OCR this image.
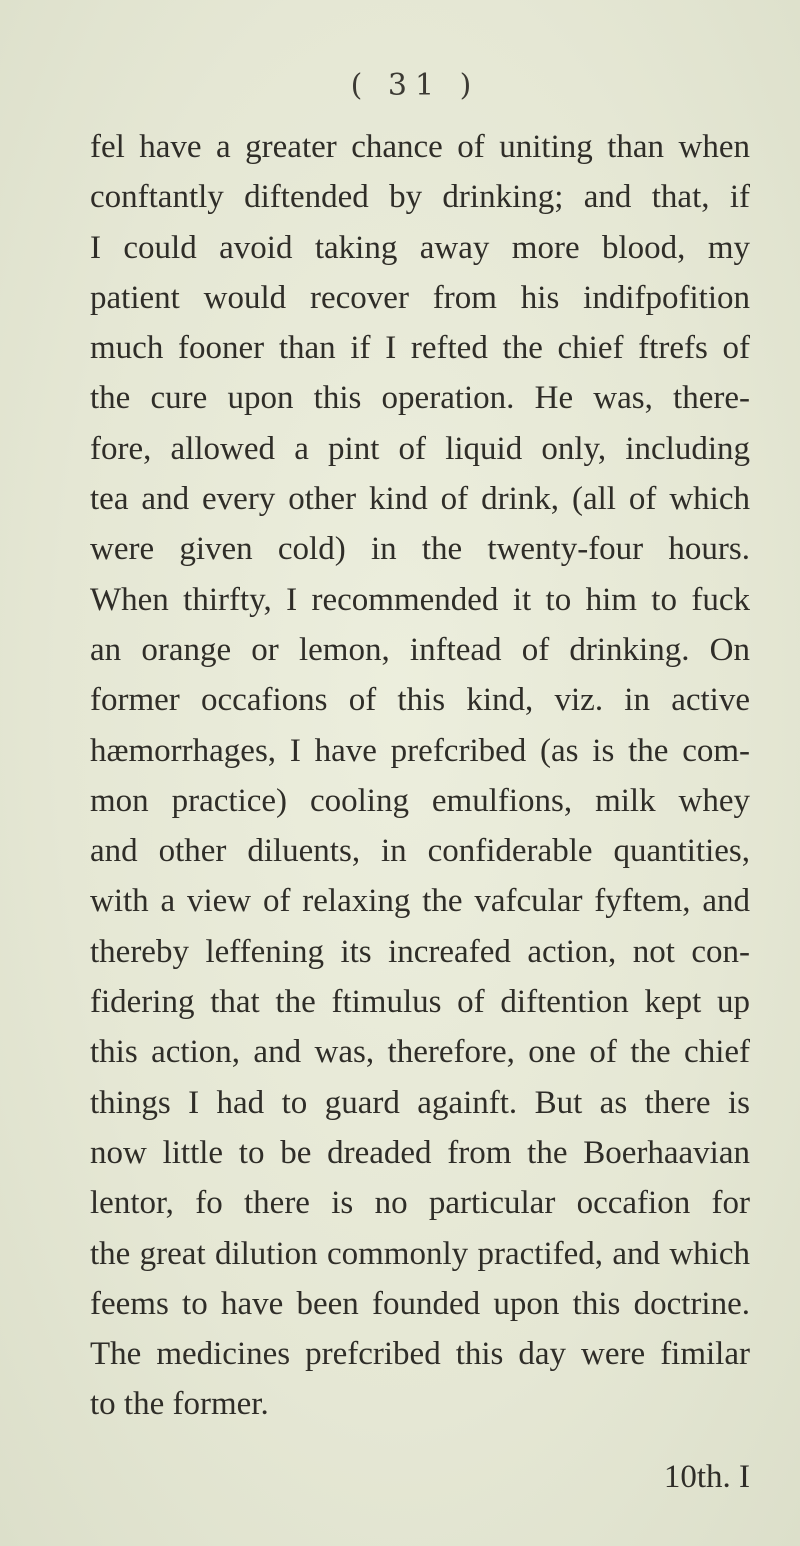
( 31 )
fel have a greater chance of uniting than when
conftantly diftended by drinking; and that, if
I could avoid taking away more blood, my
patient would recover from his indifpofition
much fooner than if I refted the chief ftrefs of
the cure upon this operation. He was, there-
fore, allowed a pint of liquid only, including
tea and every other kind of drink, (all of which
were given cold) in the twenty-four hours.
When thirfty, I recommended it to him to fuck
an orange or lemon, inftead of drinking. On
former occafions of this kind, viz. in active
hæmorrhages, I have prefcribed (as is the com-
mon practice) cooling emulfions, milk whey
and other diluents, in confiderable quantities,
with a view of relaxing the vafcular fyftem, and
thereby leffening its increafed action, not con-
fidering that the ftimulus of diftention kept up
this action, and was, therefore, one of the chief
things I had to guard againft. But as there is
now little to be dreaded from the Boerhaavian
lentor, fo there is no particular occafion for
the great dilution commonly practifed, and which
feems to have been founded upon this doctrine.
The medicines prefcribed this day were fimilar
to the former.
10th. I
